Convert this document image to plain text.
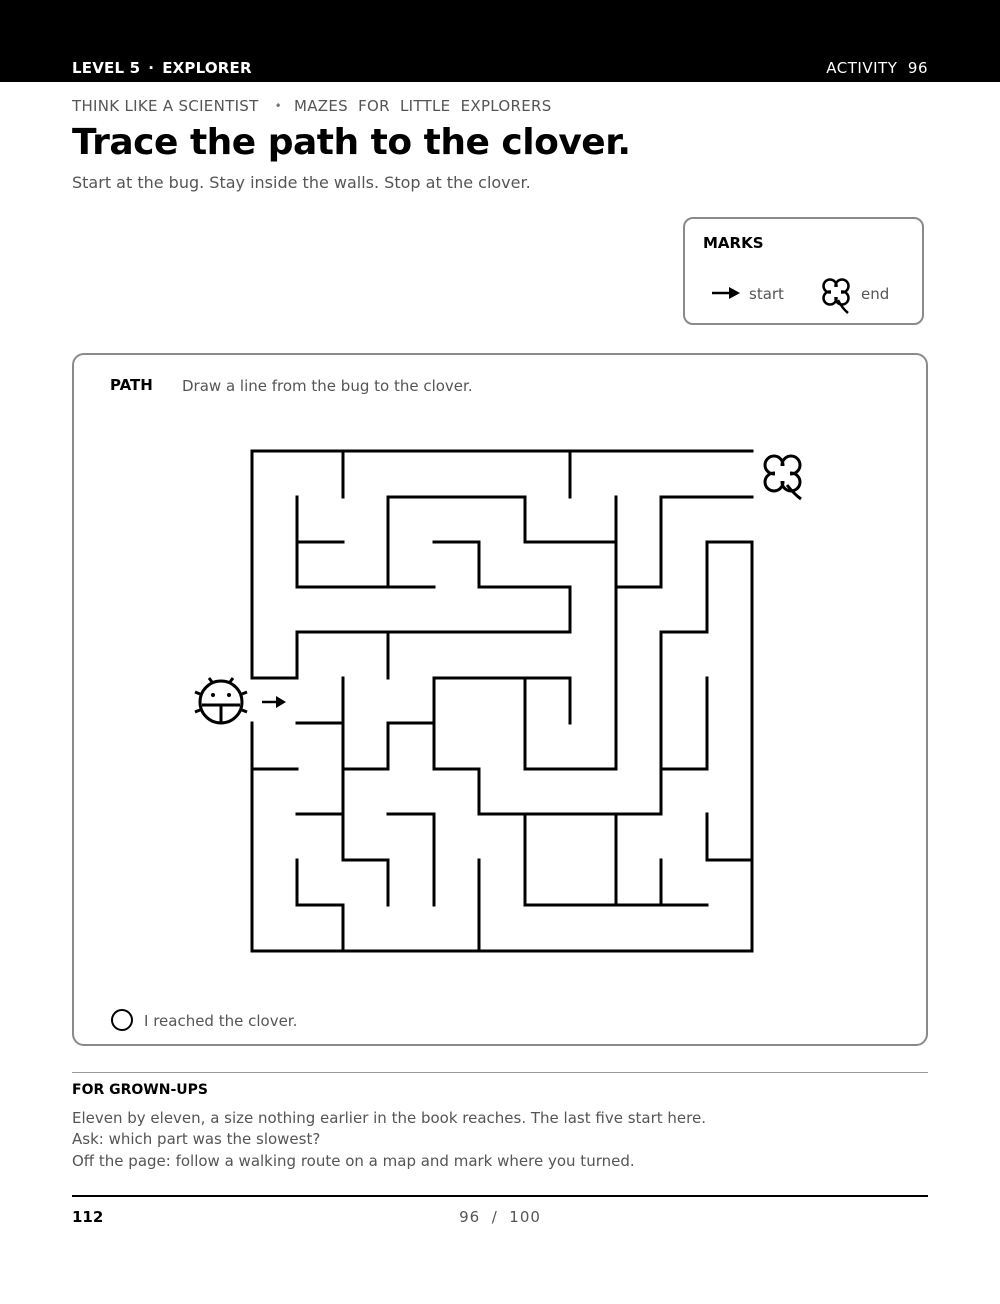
LEVEL 5 · EXPLORER	ACTIVITY  96
THINK LIKE A SCIENTIST • MAZES  FOR  LITTLE  EXPLORERS
Trace the path to the clover.
Start at the bug. Stay inside the walls. Stop at the clover.
MARKS
start	end
PATH Draw a line from the bug to the clover.
I reached the clover.
FOR GROWN-UPS
Eleven by eleven, a size nothing earlier in the book reaches. The last five start here.
Ask: which part was the slowest?
Off the page: follow a walking route on a map and mark where you turned.
112	96  /  100
